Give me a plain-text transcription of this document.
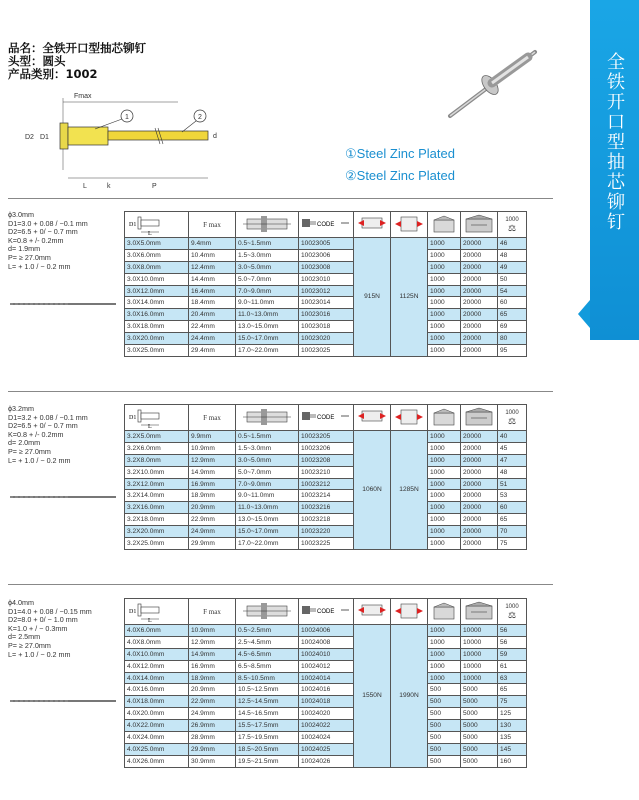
全铁开口型抽芯铆钉
品名：全铁开口型抽芯铆钉
头型：圆头
产品类别：1002
Fmax
D2 D1	d
L	k	P
1	2
①Steel Zinc Plated
②Steel Zinc Plated
ϕ3.0mm
D1=3.0 + 0.08 / −0.1 mm
D2=6.5 + 0/ − 0.7 mm
K=0.8 + /- 0.2mm
d= 1.9mm
P= ≥ 27.0mm
L= + 1.0 / − 0.2 mm
ϕ3.2mm
D1=3.2 + 0.08 / −0.1 mm
D2=6.5 + 0/ − 0.7 mm
K=0.8 + /- 0.2mm
d= 2.0mm
P= ≥ 27.0mm
L= + 1.0 / − 0.2 mm
ϕ4.0mm
D1=4.0 + 0.08 / −0.15 mm
D2=8.0 + 0/ − 1.0 mm
K=1.0 + / − 0.3mm
d= 2.5mm
P= ≥ 27.0mm
L= + 1.0 / − 0.2 mm
D1
L	F max		CODE					1000
⚖
3.0X5.0mm	9.4mm	0.5~1.5mm	10023005	915N	1125N	1000	20000	46
3.0X6.0mm	10.4mm	1.5~3.0mm	10023006			1000	20000	48
3.0X8.0mm	12.4mm	3.0~5.0mm	10023008			1000	20000	49
3.0X10.0mm	14.4mm	5.0~7.0mm	10023010			1000	20000	50
3.0X12.0mm	16.4mm	7.0~9.0mm	10023012			1000	20000	54
3.0X14.0mm	18.4mm	9.0~11.0mm	10023014			1000	20000	60
3.0X16.0mm	20.4mm	11.0~13.0mm	10023016			1000	20000	65
3.0X18.0mm	22.4mm	13.0~15.0mm	10023018			1000	20000	69
3.0X20.0mm	24.4mm	15.0~17.0mm	10023020			1000	20000	80
3.0X25.0mm	29.4mm	17.0~22.0mm	10023025			1000	20000	95
D1
L	F max		CODE					1000
⚖
3.2X5.0mm	9.9mm	0.5~1.5mm	10023205	1060N	1285N	1000	20000	40
3.2X6.0mm	10.9mm	1.5~3.0mm	10023206			1000	20000	45
3.2X8.0mm	12.9mm	3.0~5.0mm	10023208			1000	20000	47
3.2X10.0mm	14.9mm	5.0~7.0mm	10023210			1000	20000	48
3.2X12.0mm	16.9mm	7.0~9.0mm	10023212			1000	20000	51
3.2X14.0mm	18.9mm	9.0~11.0mm	10023214			1000	20000	53
3.2X16.0mm	20.9mm	11.0~13.0mm	10023216			1000	20000	60
3.2X18.0mm	22.9mm	13.0~15.0mm	10023218			1000	20000	65
3.2X20.0mm	24.9mm	15.0~17.0mm	10023220			1000	20000	70
3.2X25.0mm	29.9mm	17.0~22.0mm	10023225			1000	20000	75
D1
L	F max		CODE					1000
⚖
4.0X6.0mm	10.9mm	0.5~2.5mm	10024006	1550N	1990N	1000	10000	56
4.0X8.0mm	12.9mm	2.5~4.5mm	10024008			1000	10000	56
4.0X10.0mm	14.9mm	4.5~6.5mm	10024010			1000	10000	59
4.0X12.0mm	16.9mm	6.5~8.5mm	10024012			1000	10000	61
4.0X14.0mm	18.9mm	8.5~10.5mm	10024014			1000	10000	63
4.0X16.0mm	20.9mm	10.5~12.5mm	10024016			500	5000	65
4.0X18.0mm	22.9mm	12.5~14.5mm	10024018			500	5000	75
4.0X20.0mm	24.9mm	14.5~16.5mm	10024020			500	5000	125
4.0X22.0mm	26.9mm	15.5~17.5mm	10024022			500	5000	130
4.0X24.0mm	28.9mm	17.5~19.5mm	10024024			500	5000	135
4.0X25.0mm	29.9mm	18.5~20.5mm	10024025			500	5000	145
4.0X26.0mm	30.9mm	19.5~21.5mm	10024026			500	5000	160
